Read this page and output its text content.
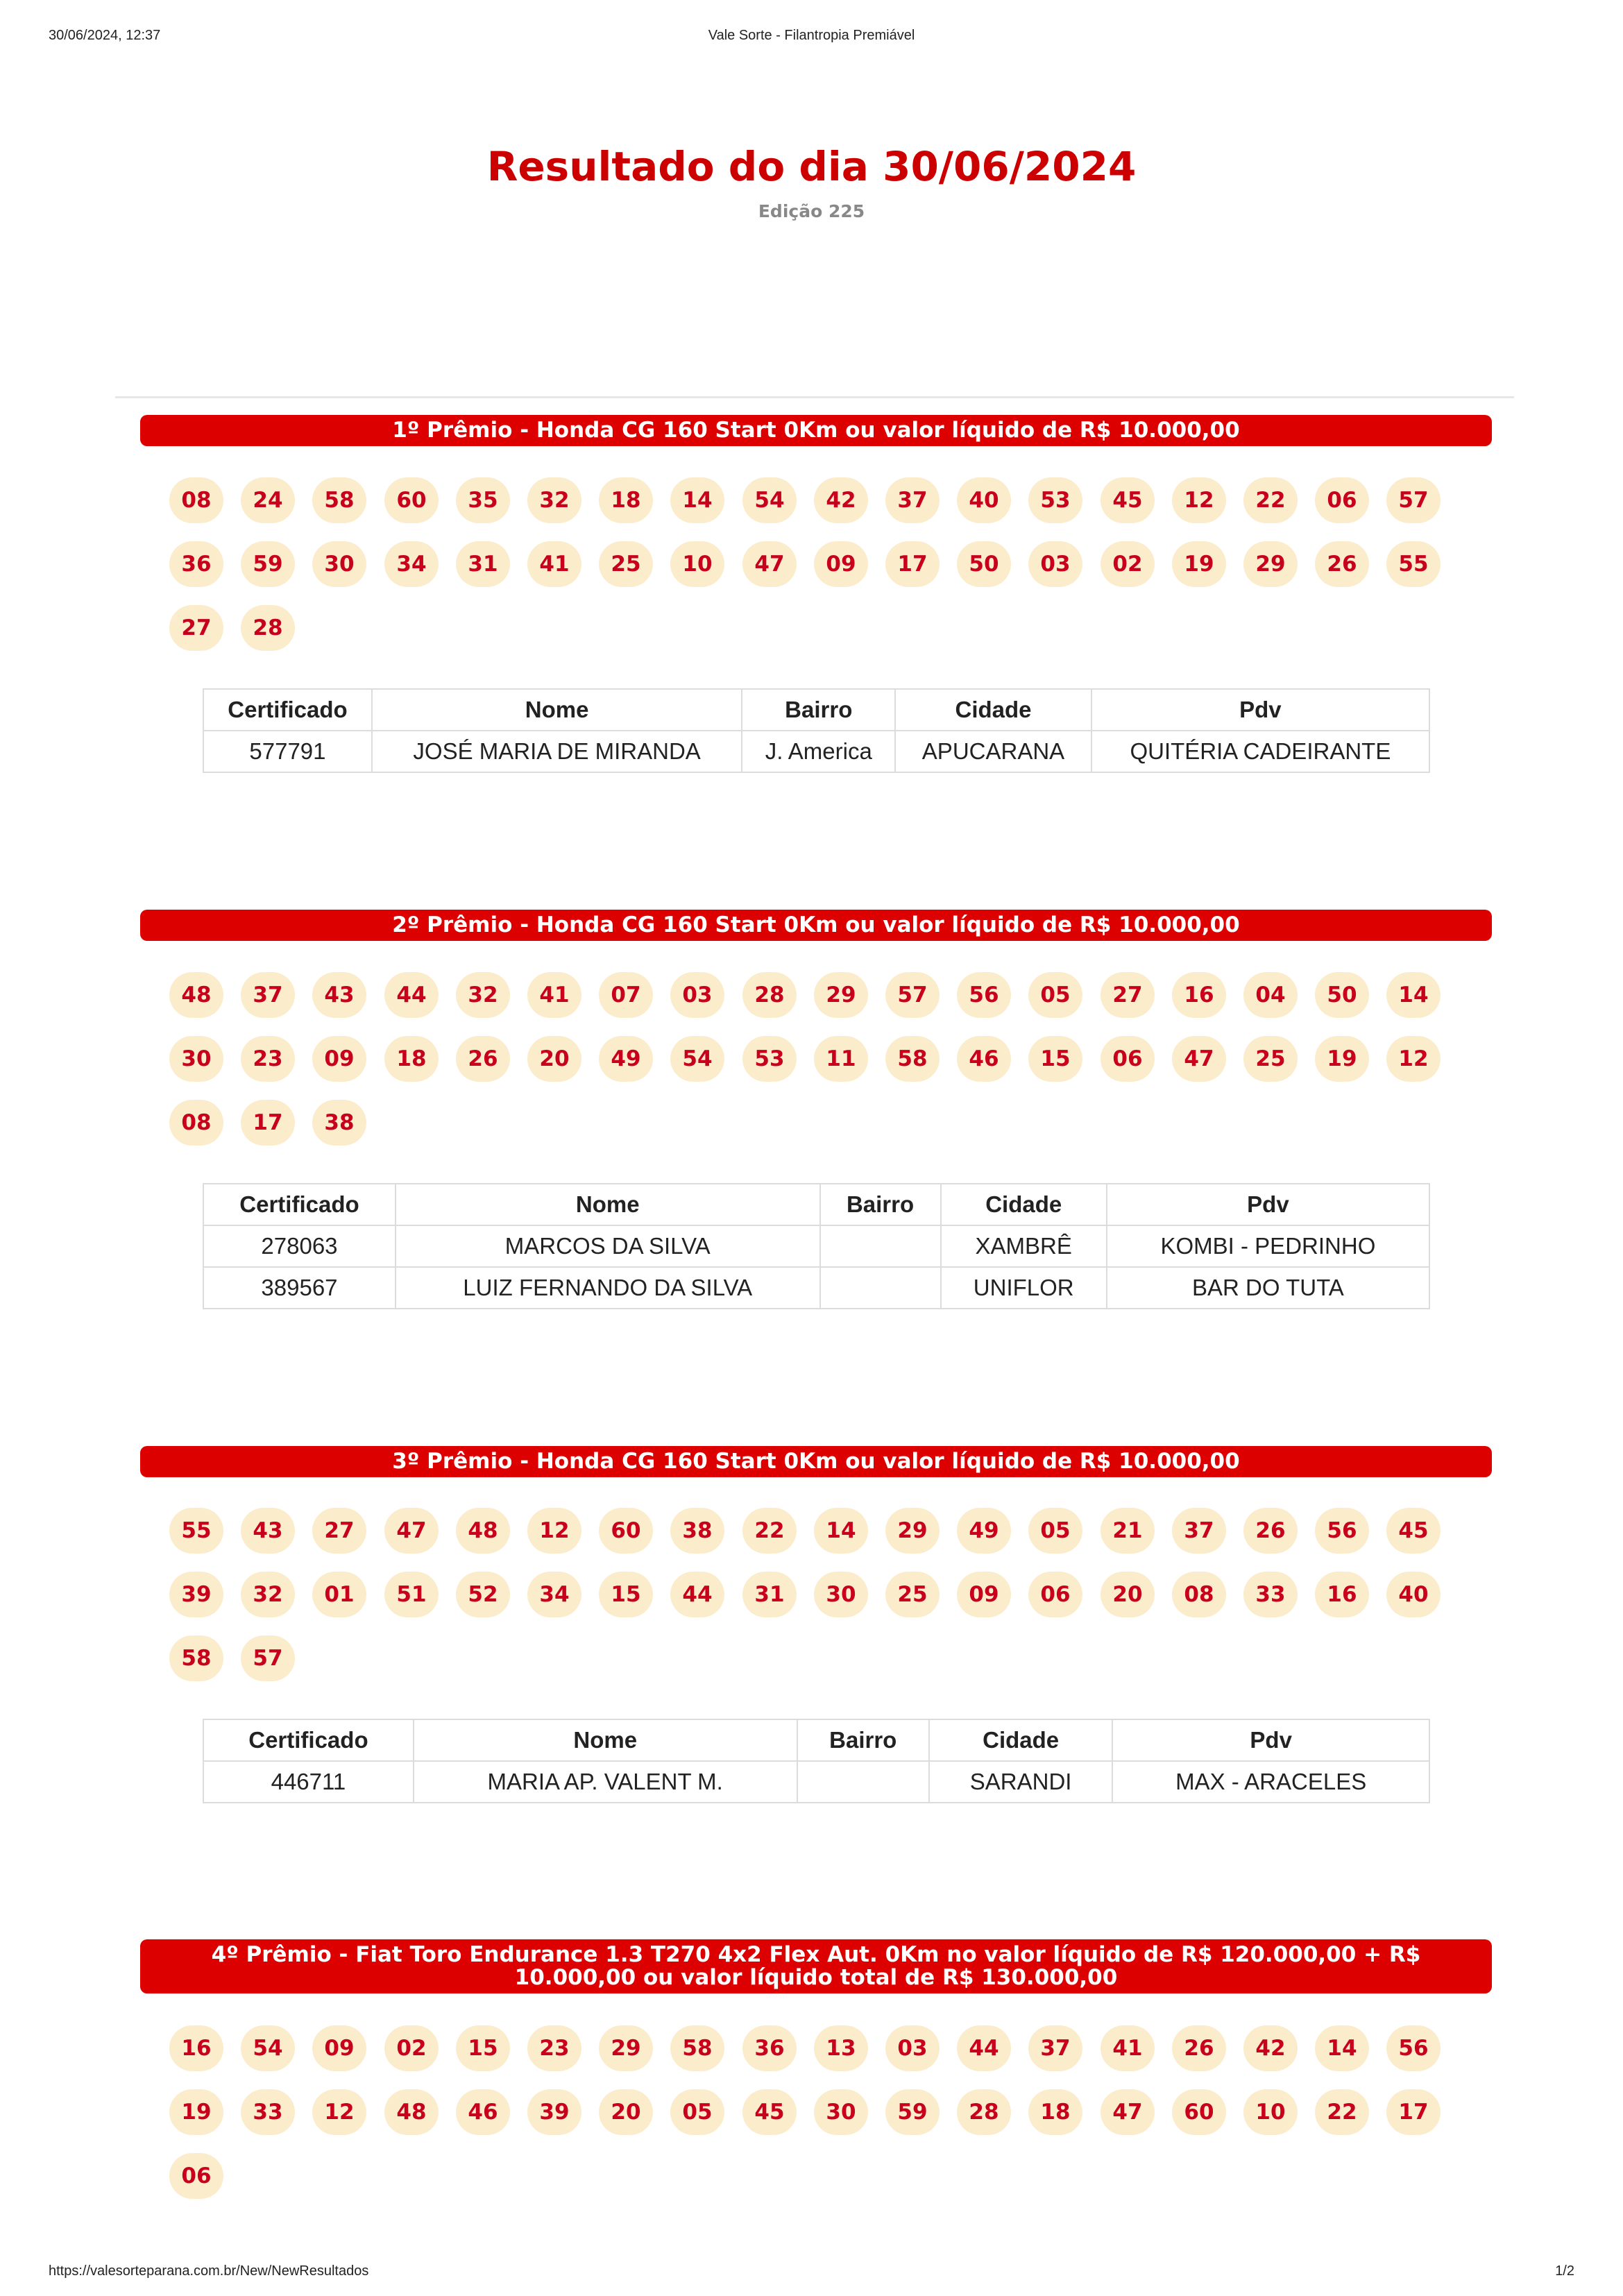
30/06/2024, 12:37	Vale Sorte - Filantropia Premiável
Resultado do dia 30/06/2024
Edição 225
1º Prêmio - Honda CG 160 Start 0Km ou valor líquido de R$ 10.000,00
08	24	58	60	35	32	18	14	54	42	37	40	53	45	12	22	06	57
36	59	30	34	31	41	25	10	47	09	17	50	03	02	19	29	26	55
27	28
Certificado	Nome	Bairro	Cidade	Pdv
577791	JOSÉ MARIA DE MIRANDA	J. America	APUCARANA	QUITÉRIA CADEIRANTE
2º Prêmio - Honda CG 160 Start 0Km ou valor líquido de R$ 10.000,00
48	37	43	44	32	41	07	03	28	29	57	56	05	27	16	04	50	14
30	23	09	18	26	20	49	54	53	11	58	46	15	06	47	25	19	12
08	17	38
Certificado	Nome	Bairro	Cidade	Pdv
278063	MARCOS DA SILVA		XAMBRÊ	KOMBI - PEDRINHO
389567	LUIZ FERNANDO DA SILVA		UNIFLOR	BAR DO TUTA
3º Prêmio - Honda CG 160 Start 0Km ou valor líquido de R$ 10.000,00
55	43	27	47	48	12	60	38	22	14	29	49	05	21	37	26	56	45
39	32	01	51	52	34	15	44	31	30	25	09	06	20	08	33	16	40
58	57
Certificado	Nome	Bairro	Cidade	Pdv
446711	MARIA AP. VALENT M.		SARANDI	MAX - ARACELES
4º Prêmio - Fiat Toro Endurance 1.3 T270 4x2 Flex Aut. 0Km no valor líquido de R$ 120.000,00 + R$ 10.000,00 ou valor líquido total de R$ 130.000,00
16	54	09	02	15	23	29	58	36	13	03	44	37	41	26	42	14	56
19	33	12	48	46	39	20	05	45	30	59	28	18	47	60	10	22	17
06
https://valesorteparana.com.br/New/NewResultados	1/2
